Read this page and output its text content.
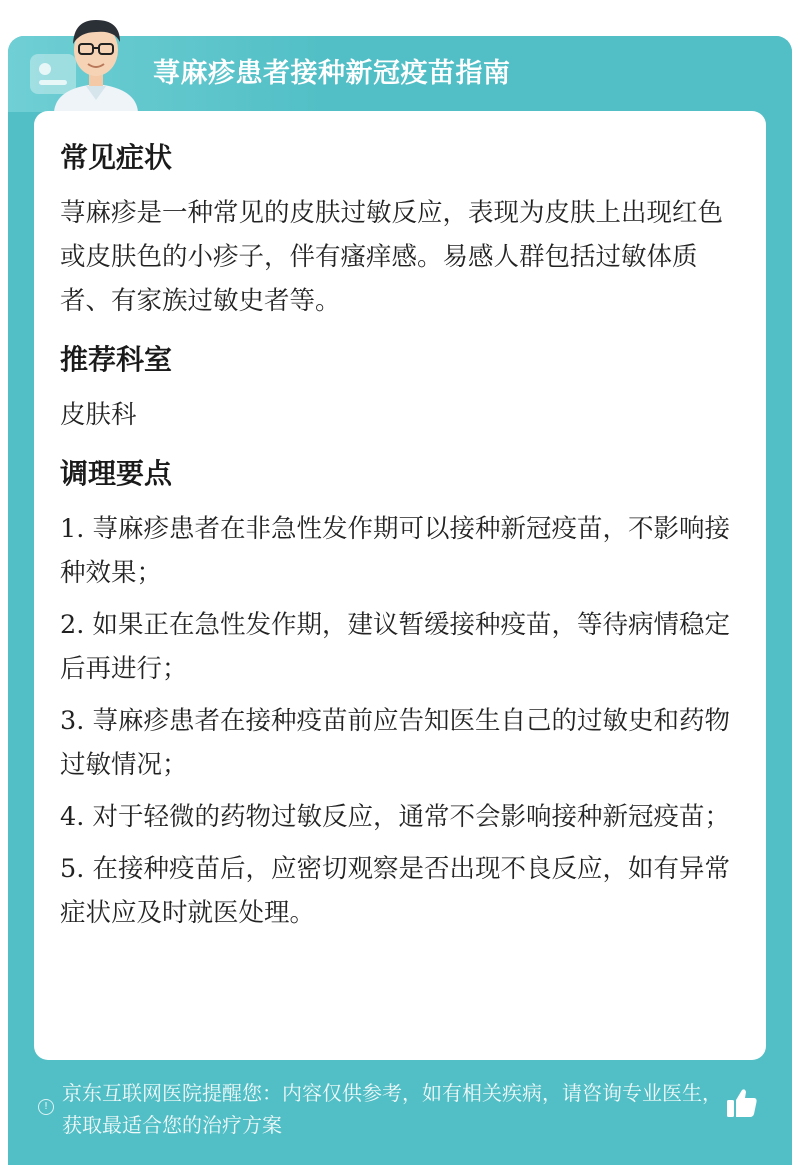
荨麻疹患者接种新冠疫苗指南
!
京东互联网医院提醒您：内容仅供参考，如有相关疾病，请咨询专业医生，获取最适合您的治疗方案
常见症状
荨麻疹是一种常见的皮肤过敏反应，表现为皮肤上出现红色或皮肤色的小疹子，伴有瘙痒感。易感人群包括过敏体质者、有家族过敏史者等。
推荐科室
皮肤科
调理要点
1. 荨麻疹患者在非急性发作期可以接种新冠疫苗，不影响接种效果；
2. 如果正在急性发作期，建议暂缓接种疫苗，等待病情稳定后再进行；
3. 荨麻疹患者在接种疫苗前应告知医生自己的过敏史和药物过敏情况；
4. 对于轻微的药物过敏反应，通常不会影响接种新冠疫苗；
5. 在接种疫苗后，应密切观察是否出现不良反应，如有异常症状应及时就医处理。
